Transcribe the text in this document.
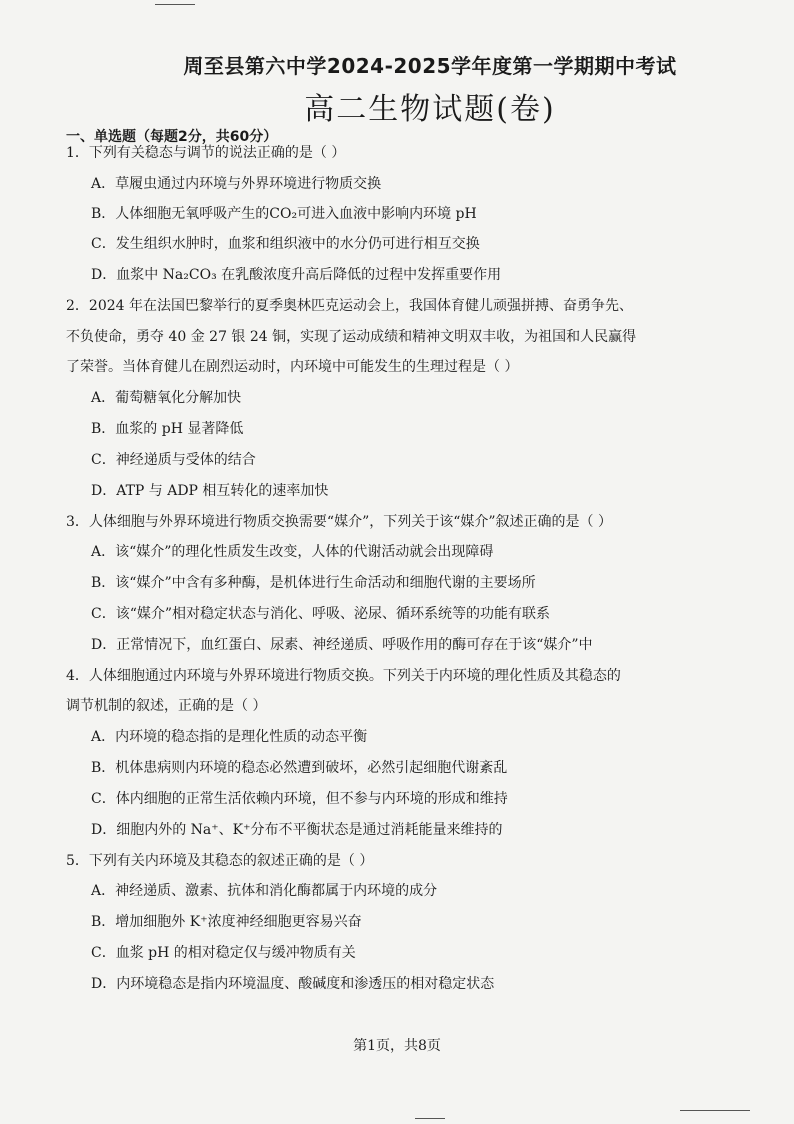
周至县第六中学2024-2025学年度第一学期期中考试
高二生物试题(卷)
一、单选题（每题2分，共60分）
1．下列有关稳态与调节的说法正确的是（ ）
A．草履虫通过内环境与外界环境进行物质交换
B．人体细胞无氧呼吸产生的CO₂可进入血液中影响内环境 pH
C．发生组织水肿时，血浆和组织液中的水分仍可进行相互交换
D．血浆中 Na₂CO₃ 在乳酸浓度升高后降低的过程中发挥重要作用
2．2024 年在法国巴黎举行的夏季奥林匹克运动会上，我国体育健儿顽强拼搏、奋勇争先、
不负使命，勇夺 40 金 27 银 24 铜，实现了运动成绩和精神文明双丰收，为祖国和人民赢得
了荣誉。当体育健儿在剧烈运动时，内环境中可能发生的生理过程是（ ）
A．葡萄糖氧化分解加快
B．血浆的 pH 显著降低
C．神经递质与受体的结合
D．ATP 与 ADP 相互转化的速率加快
3．人体细胞与外界环境进行物质交换需要“媒介”，下列关于该“媒介”叙述正确的是（ ）
A．该“媒介”的理化性质发生改变，人体的代谢活动就会出现障碍
B．该“媒介”中含有多种酶，是机体进行生命活动和细胞代谢的主要场所
C．该“媒介”相对稳定状态与消化、呼吸、泌尿、循环系统等的功能有联系
D．正常情况下，血红蛋白、尿素、神经递质、呼吸作用的酶可存在于该“媒介”中
4．人体细胞通过内环境与外界环境进行物质交换。下列关于内环境的理化性质及其稳态的
调节机制的叙述，正确的是（ ）
A．内环境的稳态指的是理化性质的动态平衡
B．机体患病则内环境的稳态必然遭到破坏，必然引起细胞代谢紊乱
C．体内细胞的正常生活依赖内环境，但不参与内环境的形成和维持
D．细胞内外的 Na⁺、K⁺分布不平衡状态是通过消耗能量来维持的
5．下列有关内环境及其稳态的叙述正确的是（ ）
A．神经递质、激素、抗体和消化酶都属于内环境的成分
B．增加细胞外 K⁺浓度神经细胞更容易兴奋
C．血浆 pH 的相对稳定仅与缓冲物质有关
D．内环境稳态是指内环境温度、酸碱度和渗透压的相对稳定状态
第1页，共8页
